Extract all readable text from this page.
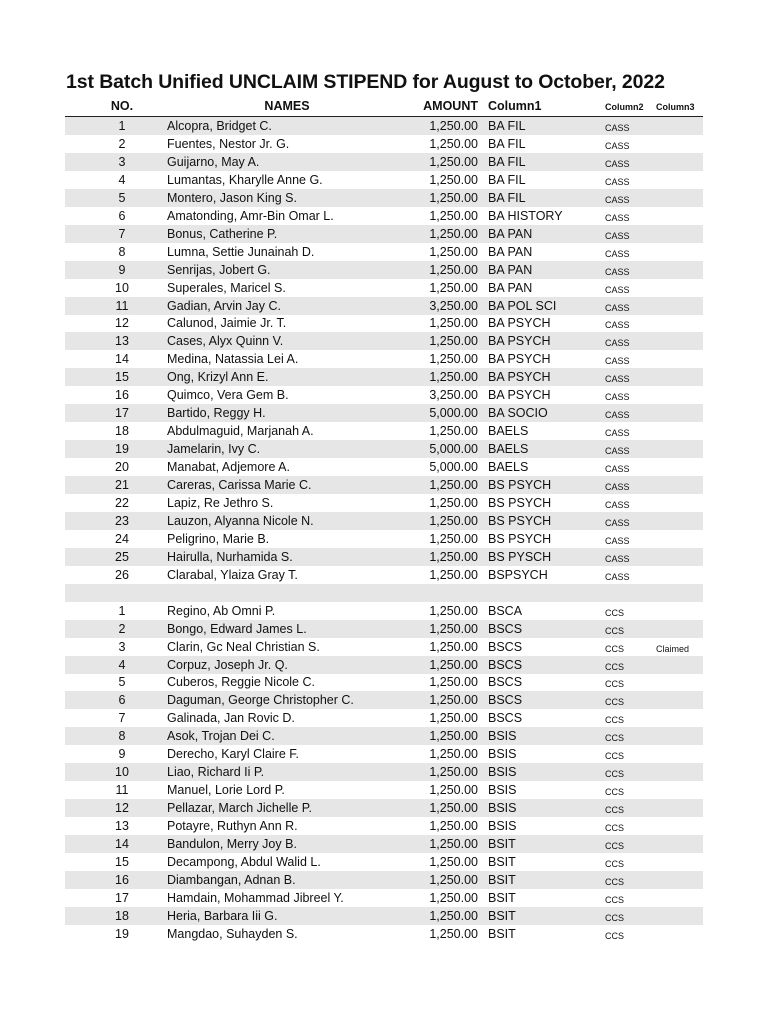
1st Batch Unified UNCLAIM STIPEND for August to October, 2022
NO.	NAMES	AMOUNT Column1	Column2 Column3
1	Alcopra, Bridget C.	1,250.00 BA FIL	CASS
2	Fuentes, Nestor Jr. G.	1,250.00 BA FIL	CASS
3	Guijarno, May A.	1,250.00 BA FIL	CASS
4	Lumantas, Kharylle Anne G.	1,250.00 BA FIL	CASS
5	Montero, Jason King S.	1,250.00 BA FIL	CASS
6	Amatonding, Amr-Bin Omar L.	1,250.00 BA HISTORY	CASS
7	Bonus, Catherine P.	1,250.00 BA PAN	CASS
8	Lumna, Settie Junainah D.	1,250.00 BA PAN	CASS
9	Senrijas, Jobert G.	1,250.00 BA PAN	CASS
10	Superales, Maricel S.	1,250.00 BA PAN	CASS
11	Gadian, Arvin Jay C.	3,250.00 BA POL SCI	CASS
12	Calunod, Jaimie Jr. T.	1,250.00 BA PSYCH	CASS
13	Cases, Alyx Quinn V.	1,250.00 BA PSYCH	CASS
14	Medina, Natassia Lei A.	1,250.00 BA PSYCH	CASS
15	Ong, Krizyl Ann E.	1,250.00 BA PSYCH	CASS
16	Quimco, Vera Gem B.	3,250.00 BA PSYCH	CASS
17	Bartido, Reggy H.	5,000.00 BA SOCIO	CASS
18	Abdulmaguid, Marjanah A.	1,250.00 BAELS	CASS
19	Jamelarin, Ivy C.	5,000.00 BAELS	CASS
20	Manabat, Adjemore A.	5,000.00 BAELS	CASS
21	Careras, Carissa Marie C.	1,250.00 BS PSYCH	CASS
22	Lapiz, Re Jethro S.	1,250.00 BS PSYCH	CASS
23	Lauzon, Alyanna Nicole N.	1,250.00 BS PSYCH	CASS
24	Peligrino, Marie B.	1,250.00 BS PSYCH	CASS
25	Hairulla, Nurhamida S.	1,250.00 BS PYSCH	CASS
26	Clarabal, Ylaiza Gray T.	1,250.00 BSPSYCH	CASS
1	Regino, Ab Omni P.	1,250.00 BSCA	CCS
2	Bongo, Edward James L.	1,250.00 BSCS	CCS
3	Clarin, Gc Neal Christian S.	1,250.00 BSCS	CCS	Claimed
4	Corpuz, Joseph Jr. Q.	1,250.00 BSCS	CCS
5	Cuberos, Reggie Nicole C.	1,250.00 BSCS	CCS
6	Daguman, George Christopher C.	1,250.00 BSCS	CCS
7	Galinada, Jan Rovic D.	1,250.00 BSCS	CCS
8	Asok, Trojan Dei C.	1,250.00 BSIS	CCS
9	Derecho, Karyl Claire F.	1,250.00 BSIS	CCS
10	Liao, Richard Ii P.	1,250.00 BSIS	CCS
11	Manuel, Lorie Lord P.	1,250.00 BSIS	CCS
12	Pellazar, March Jichelle P.	1,250.00 BSIS	CCS
13	Potayre, Ruthyn Ann R.	1,250.00 BSIS	CCS
14	Bandulon, Merry Joy B.	1,250.00 BSIT	CCS
15	Decampong, Abdul Walid L.	1,250.00 BSIT	CCS
16	Diambangan, Adnan B.	1,250.00 BSIT	CCS
17	Hamdain, Mohammad Jibreel Y.	1,250.00 BSIT	CCS
18	Heria, Barbara Iii G.	1,250.00 BSIT	CCS
19	Mangdao, Suhayden S.	1,250.00 BSIT	CCS
